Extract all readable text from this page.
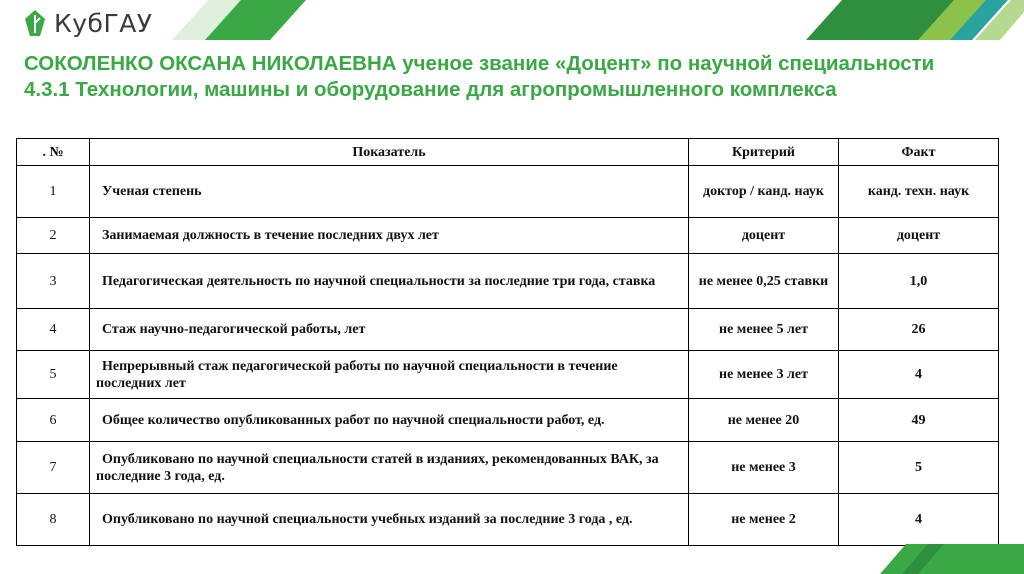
КубГАУ
СОКОЛЕНКО ОКСАНА НИКОЛАЕВНА ученое звание «Доцент» по научной специальности 4.3.1 Технологии, машины и оборудование для агропромышленного комплекса
. №	Показатель	Критерий	Факт
1	Ученая степень	доктор / канд. наук	канд. техн. наук
2	Занимаемая должность в течение последних двух лет	доцент	доцент
3	Педагогическая деятельность по научной специальности за последние три года, ставка	не менее 0,25 ставки	1,0
4	Стаж научно-педагогической работы, лет	не менее 5 лет	26
5	Непрерывный стаж педагогической работы по научной специальности в течение последних лет	не менее 3 лет	4
6	Общее количество опубликованных работ по научной специальности работ, ед.	не менее 20	49
7	Опубликовано по научной специальности статей в изданиях, рекомендованных ВАК, за последние 3 года, ед.	не менее 3	5
8	Опубликовано по научной специальности учебных изданий за последние 3 года , ед.	не менее 2	4
